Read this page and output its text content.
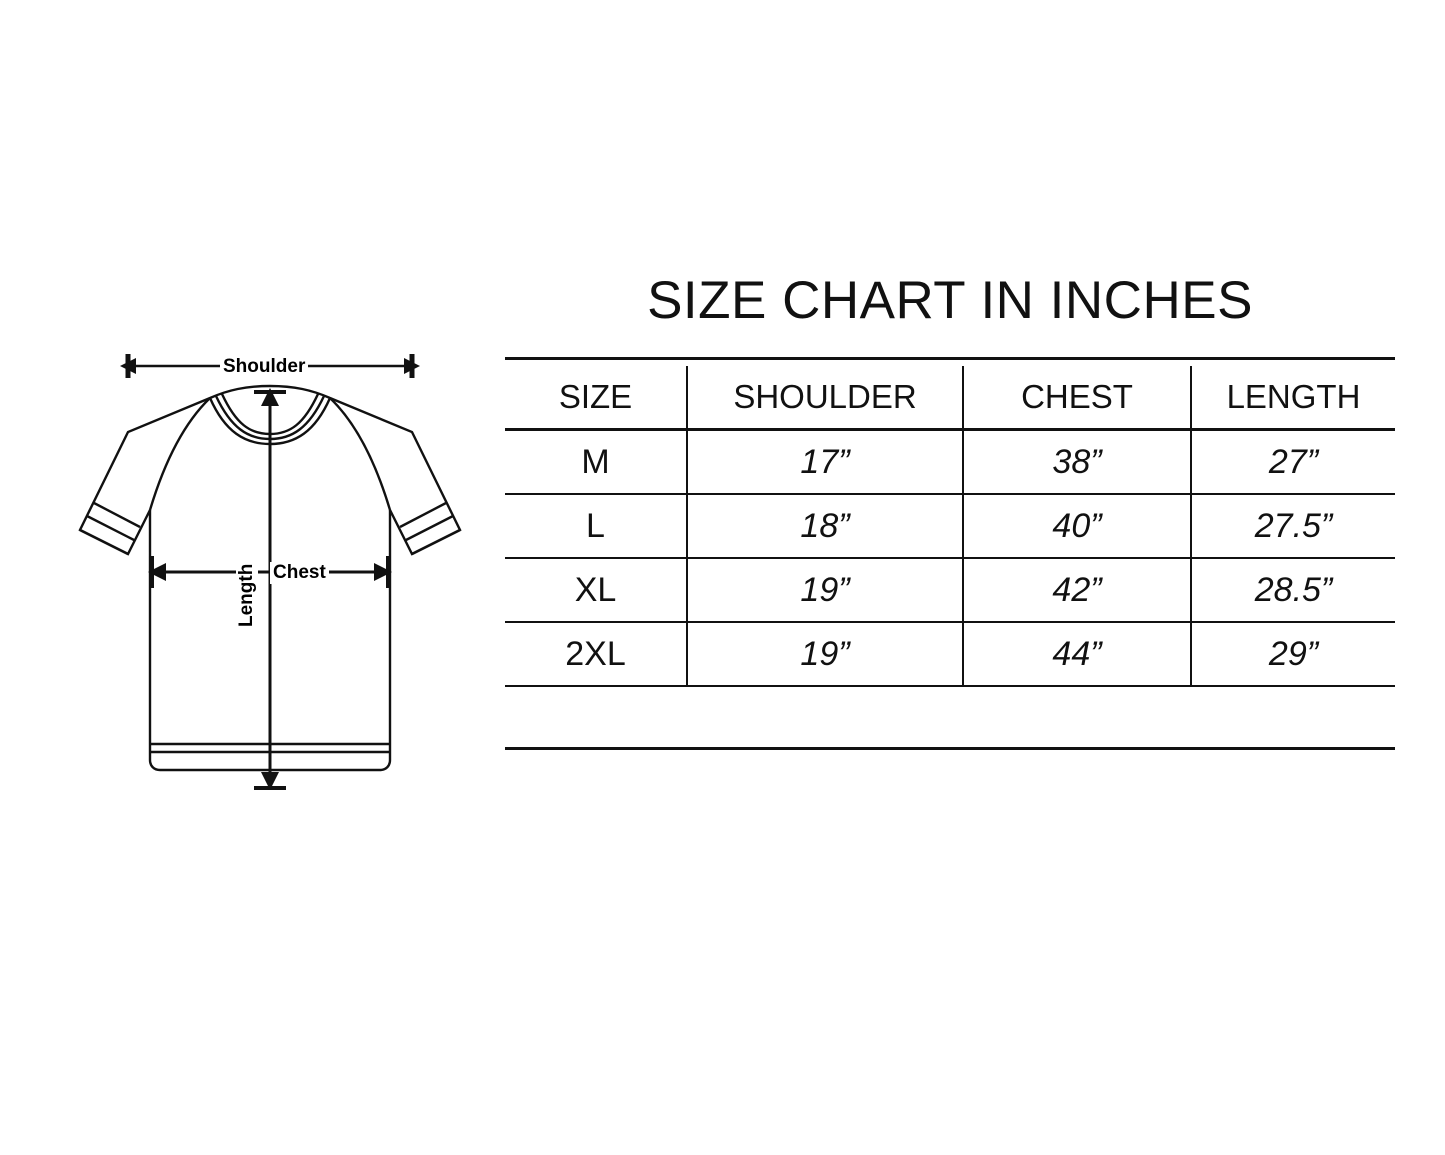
Shoulder
Chest
Length
SIZE CHART IN INCHES

SIZE	SHOULDER	CHEST	LENGTH
M	17”	38”	27”
L	18”	40”	27.5”
XL	19”	42”	28.5”
2XL	19”	44”	29”
